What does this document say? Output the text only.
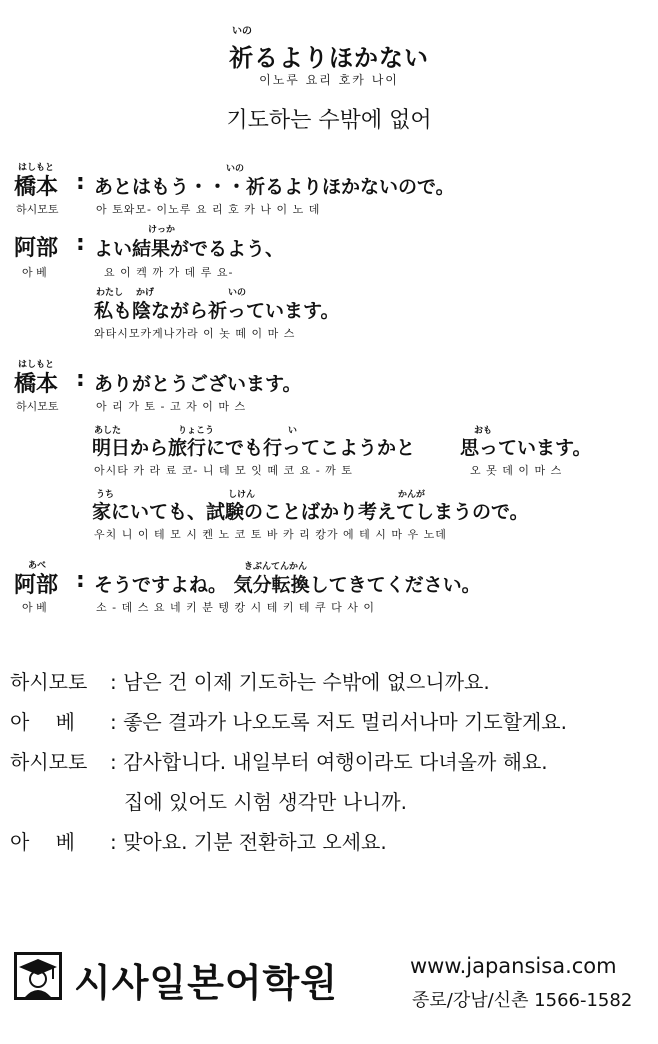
いの
祈るよりほかない
이노루 요리 호카 나이
기도하는 수밖에 없어
はしもと
橋本 :
いの
あとはもう・・・祈るよりほかないので。
하시모토	아 토와모- 이노루 요 리 호 카 나 이 노 데
阿部 :
けっか
よい結果がでるよう、
아 베	요 이 켁 까 가 데 루 요-
わたし かげ	いの
私も陰ながら祈っています。
와타시모카게나가라 이 놋 떼 이 마 스
はしもと
橋本 : ありがとうございます。
하시모토	아 리 가 토 - 고 자 이 마 스
あした	りょこう	い
明日から旅行にでも行ってこようかと
おも
思っています。
아시타 카 라 료 코- 니 데 모 잇 떼 코 요 - 까 토	오 못 데 이 마 스
うち	しけん	かんが
家にいても、試験のことばかり考えてしまうので。
우치 니 이 테 모 시 켄 노 코 토 바 카 리 캉가 에 테 시 마 우 노데
あべ
阿部 :
きぶんてんかん
そうですよね。 気分転換してきてください。
아 베	소 - 데 스 요 네 키 분 텡 캉 시 테 키 테 쿠 다 사 이
하시모토 : 남은 건 이제 기도하는 수밖에 없으니까요.
아　 베 : 좋은 결과가 나오도록 저도 멀리서나마 기도할게요.
하시모토 : 감사합니다. 내일부터 여행이라도 다녀올까 해요.
집에 있어도 시험 생각만 나니까.
아　 베 : 맞아요. 기분 전환하고 오세요.
시사일본어학원	www.japansisa.com
종로/강남/신촌 1566-1582
